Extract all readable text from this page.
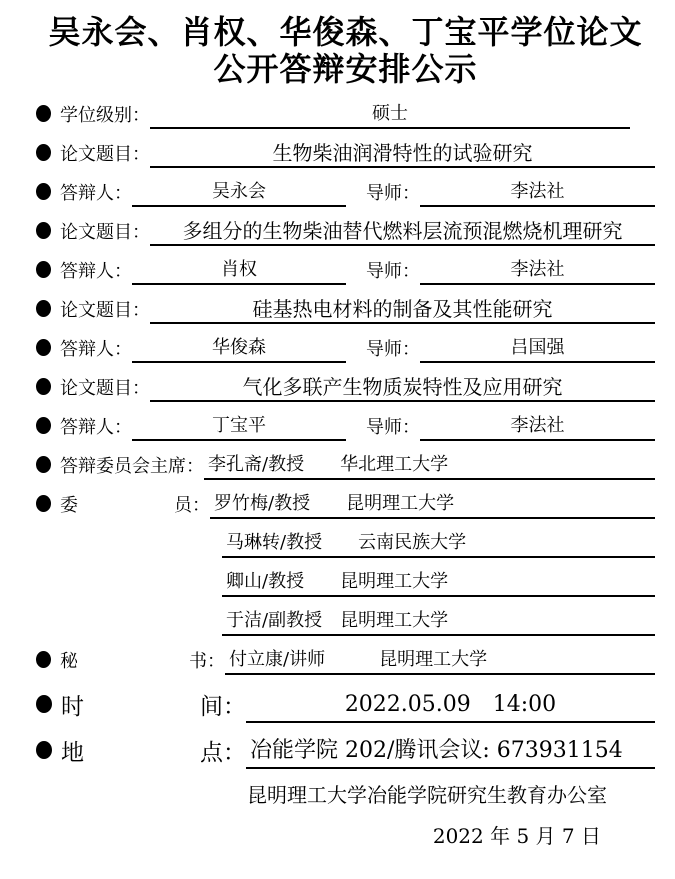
吴永会、肖权、华俊森、丁宝平学位论文
公开答辩安排公示
学位级别：	硕士
论文题目：	生物柴油润滑特性的试验研究
答辩人：	吴永会	导师：	李法社
论文题目：	多组分的生物柴油替代燃料层流预混燃烧机理研究
答辩人：	肖权	导师：	李法社
论文题目：	硅基热电材料的制备及其性能研究
答辩人：	华俊森	导师：	吕国强
论文题目：	气化多联产生物质炭特性及应用研究
答辩人：	丁宝平	导师：	李法社
答辩委员会主席： 李孔斋/教授　　华北理工大学
委	员： 罗竹梅/教授　　昆明理工大学
马琳转/教授　　云南民族大学
卿山/教授　　昆明理工大学
于洁/副教授　昆明理工大学
秘	书： 付立康/讲师　　　昆明理工大学
时	间：	2022.05.09　14:00
地	点： 冶能学院 202/腾讯会议: 673931154
昆明理工大学冶能学院研究生教育办公室
2022 年 5 月 7 日
